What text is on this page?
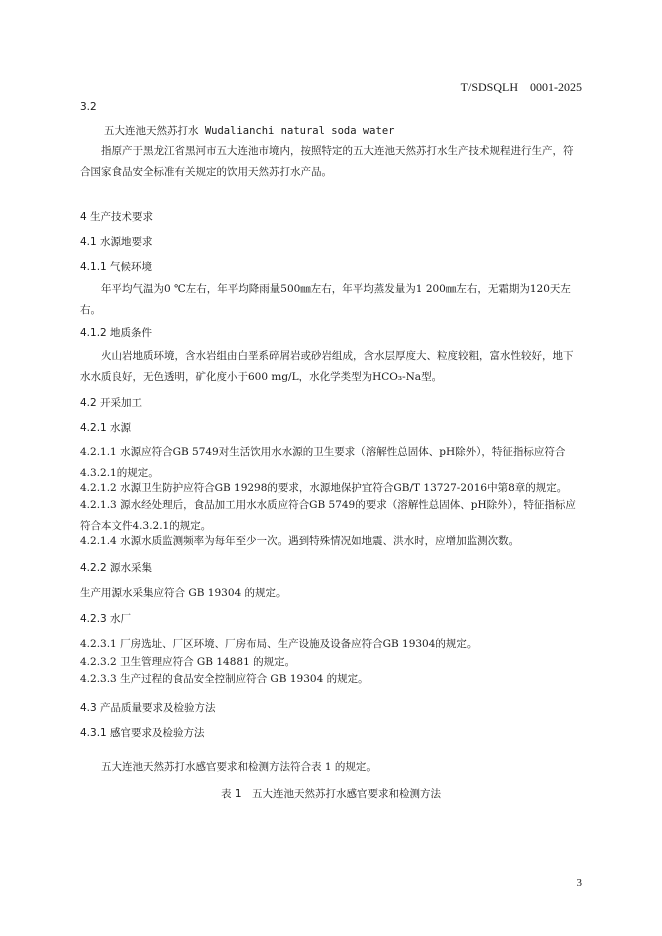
T/SDSQLH　0001-2025
3.2
五大连池天然苏打水 Wudalianchi natural soda water
指原产于黑龙江省黑河市五大连池市境内，按照特定的五大连池天然苏打水生产技术规程进行生产，符合国家食品安全标准有关规定的饮用天然苏打水产品。
4 生产技术要求
4.1 水源地要求
4.1.1 气候环境
年平均气温为0 ℃左右，年平均降雨量500㎜左右，年平均蒸发量为1 200㎜左右，无霜期为120天左右。
4.1.2 地质条件
火山岩地质环境，含水岩组由白垩系碎屑岩或砂岩组成，含水层厚度大、粒度较粗，富水性较好，地下水水质良好，无色透明，矿化度小于600 mg/L，水化学类型为HCO₃-Na型。
4.2 开采加工
4.2.1 水源
4.2.1.1 水源应符合GB 5749对生活饮用水水源的卫生要求（溶解性总固体、pH除外），特征指标应符合4.3.2.1的规定。
4.2.1.2 水源卫生防护应符合GB 19298的要求，水源地保护宜符合GB/T 13727-2016中第8章的规定。
4.2.1.3 源水经处理后，食品加工用水水质应符合GB 5749的要求（溶解性总固体、pH除外），特征指标应符合本文件4.3.2.1的规定。
4.2.1.4 水源水质监测频率为每年至少一次。遇到特殊情况如地震、洪水时，应增加监测次数。
4.2.2 源水采集
生产用源水采集应符合 GB 19304 的规定。
4.2.3 水厂
4.2.3.1 厂房选址、厂区环境、厂房布局、生产设施及设备应符合GB 19304的规定。
4.2.3.2 卫生管理应符合 GB 14881 的规定。
4.2.3.3 生产过程的食品安全控制应符合 GB 19304 的规定。
4.3 产品质量要求及检验方法
4.3.1 感官要求及检验方法
五大连池天然苏打水感官要求和检测方法符合表 1 的规定。
表 1　五大连池天然苏打水感官要求和检测方法
3
